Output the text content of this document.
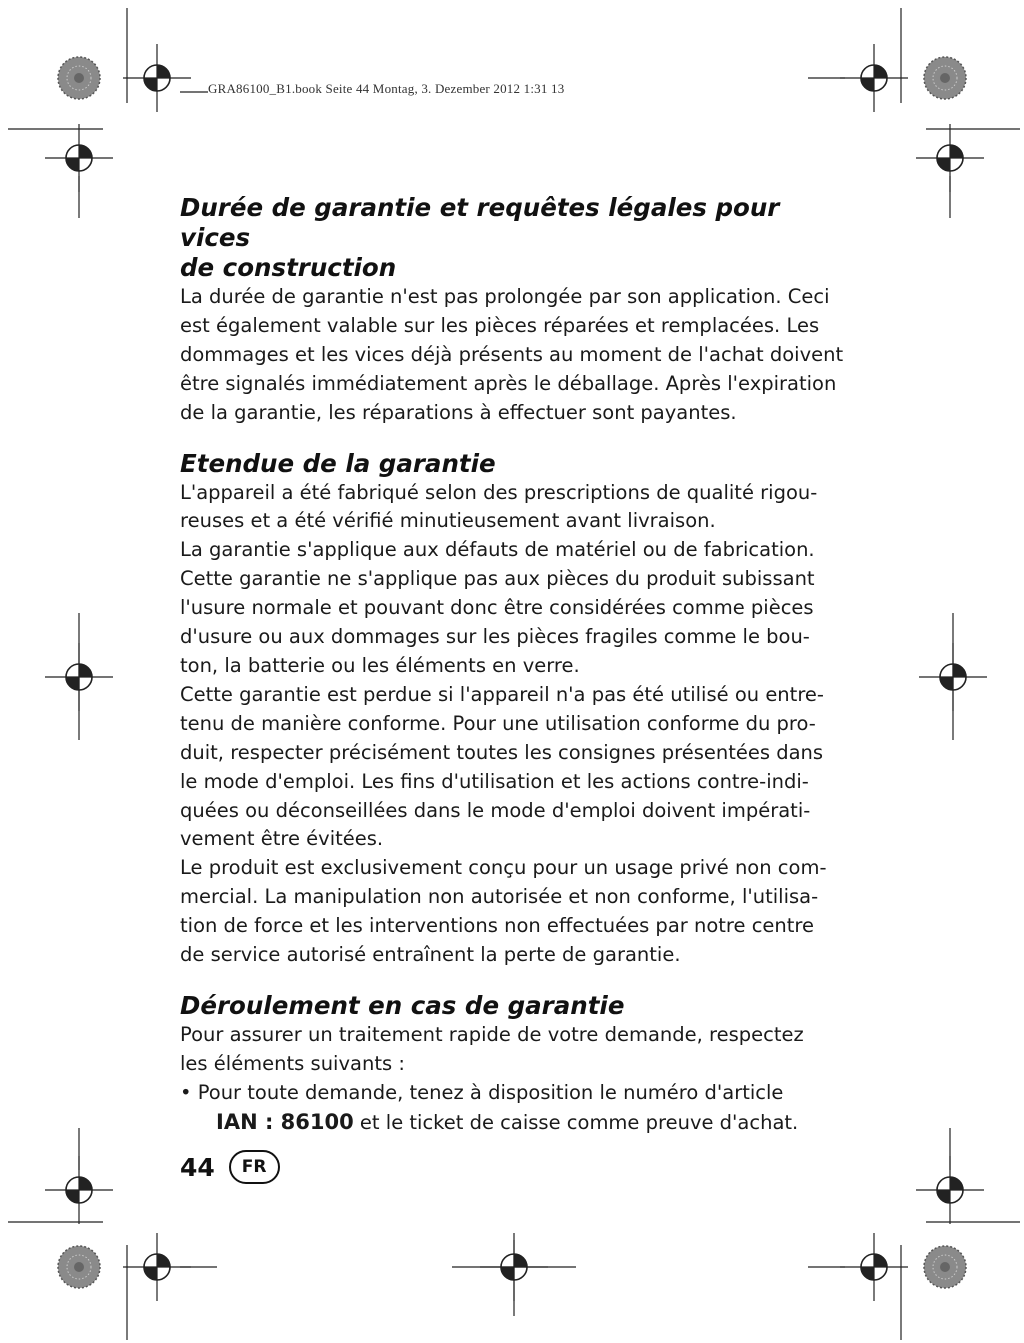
GRA86100_B1.book Seite 44 Montag, 3. Dezember 2012 1:31 13

Durée de garantie et requêtes légales pour vices

de construction

La durée de garantie n'est pas prolongée par son application. Ceci

est également valable sur les pièces réparées et remplacées. Les

dommages et les vices déjà présents au moment de l'achat doivent

être signalés immédiatement après le déballage. Après l'expiration

de la garantie, les réparations à effectuer sont payantes.

Etendue de la garantie

L'appareil a été fabriqué selon des prescriptions de qualité rigou-

reuses et a été vérifié minutieusement avant livraison.

La garantie s'applique aux défauts de matériel ou de fabrication.

Cette garantie ne s'applique pas aux pièces du produit subissant

l'usure normale et pouvant donc être considérées comme pièces

d'usure ou aux dommages sur les pièces fragiles comme le bou-

ton, la batterie ou les éléments en verre.

Cette garantie est perdue si l'appareil n'a pas été utilisé ou entre-

tenu de manière conforme. Pour une utilisation conforme du pro-

duit, respecter précisément toutes les consignes présentées dans

le mode d'emploi. Les fins d'utilisation et les actions contre-indi-

quées ou déconseillées dans le mode d'emploi doivent impérati-

vement être évitées.

Le produit est exclusivement conçu pour un usage privé non com-

mercial. La manipulation non autorisée et non conforme, l'utilisa-

tion de force et les interventions non effectuées par notre centre

de service autorisé entraînent la perte de garantie.

Déroulement en cas de garantie

Pour assurer un traitement rapide de votre demande, respectez

les éléments suivants :

• Pour toute demande, tenez à disposition le numéro d'article

IAN : 86100 et le ticket de caisse comme preuve d'achat.

44	FR
